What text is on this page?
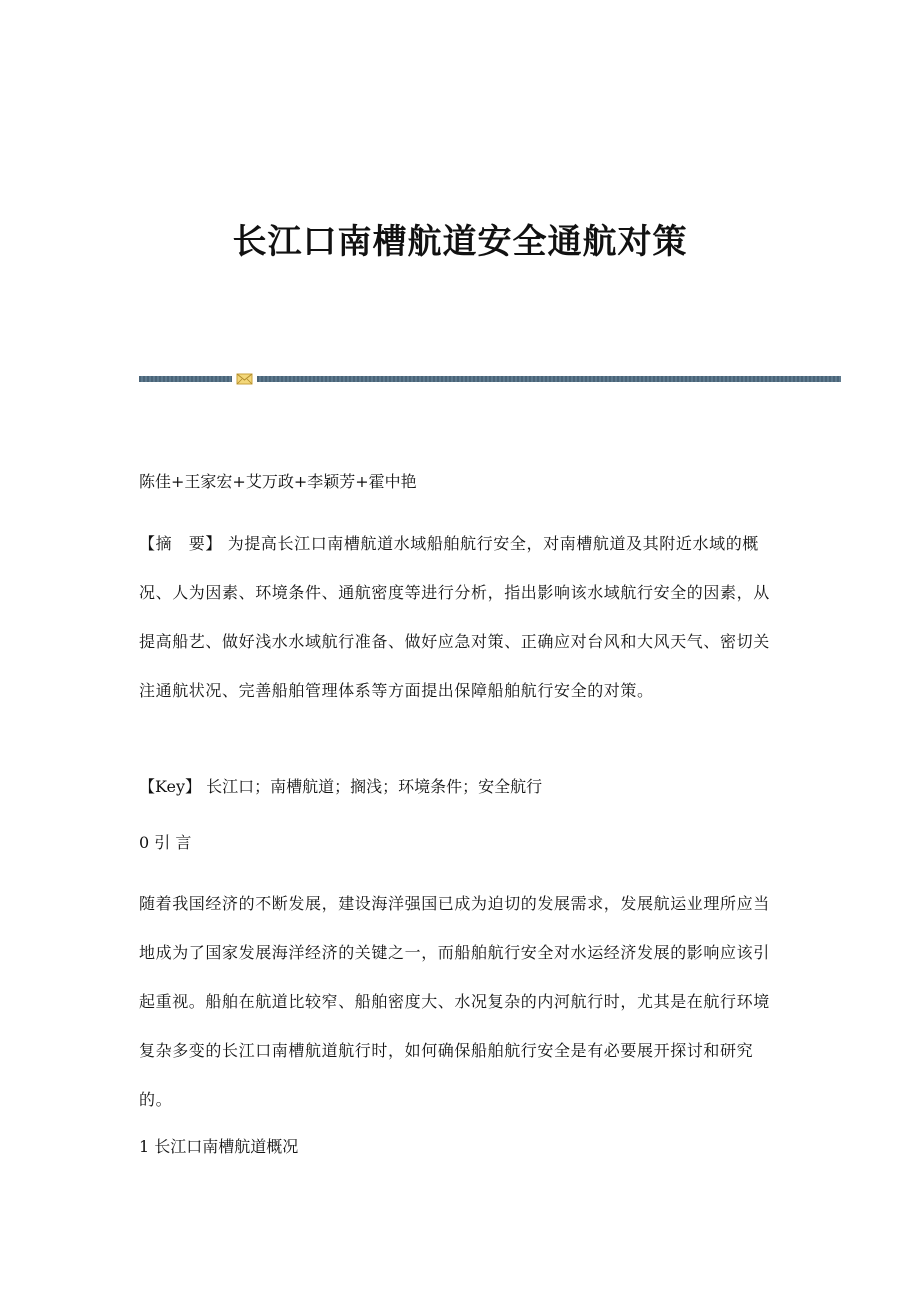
长江口南槽航道安全通航对策

陈佳+王家宏+艾万政+李颖芳+霍中艳

【摘　要】 为提高长江口南槽航道水域船舶航行安全，对南槽航道及其附近水域的概况、人为因素、环境条件、通航密度等进行分析，指出影响该水域航行安全的因素，从提高船艺、做好浅水水域航行准备、做好应急对策、正确应对台风和大风天气、密切关注通航状况、完善船舶管理体系等方面提出保障船舶航行安全的对策。

【Key】 长江口；南槽航道；搁浅；环境条件；安全航行

0 引 言

随着我国经济的不断发展，建设海洋强国已成为迫切的发展需求，发展航运业理所应当地成为了国家发展海洋经济的关键之一，而船舶航行安全对水运经济发展的影响应该引起重视。船舶在航道比较窄、船舶密度大、水况复杂的内河航行时，尤其是在航行环境复杂多变的长江口南槽航道航行时，如何确保船舶航行安全是有必要展开探讨和研究的。

1 长江口南槽航道概况
